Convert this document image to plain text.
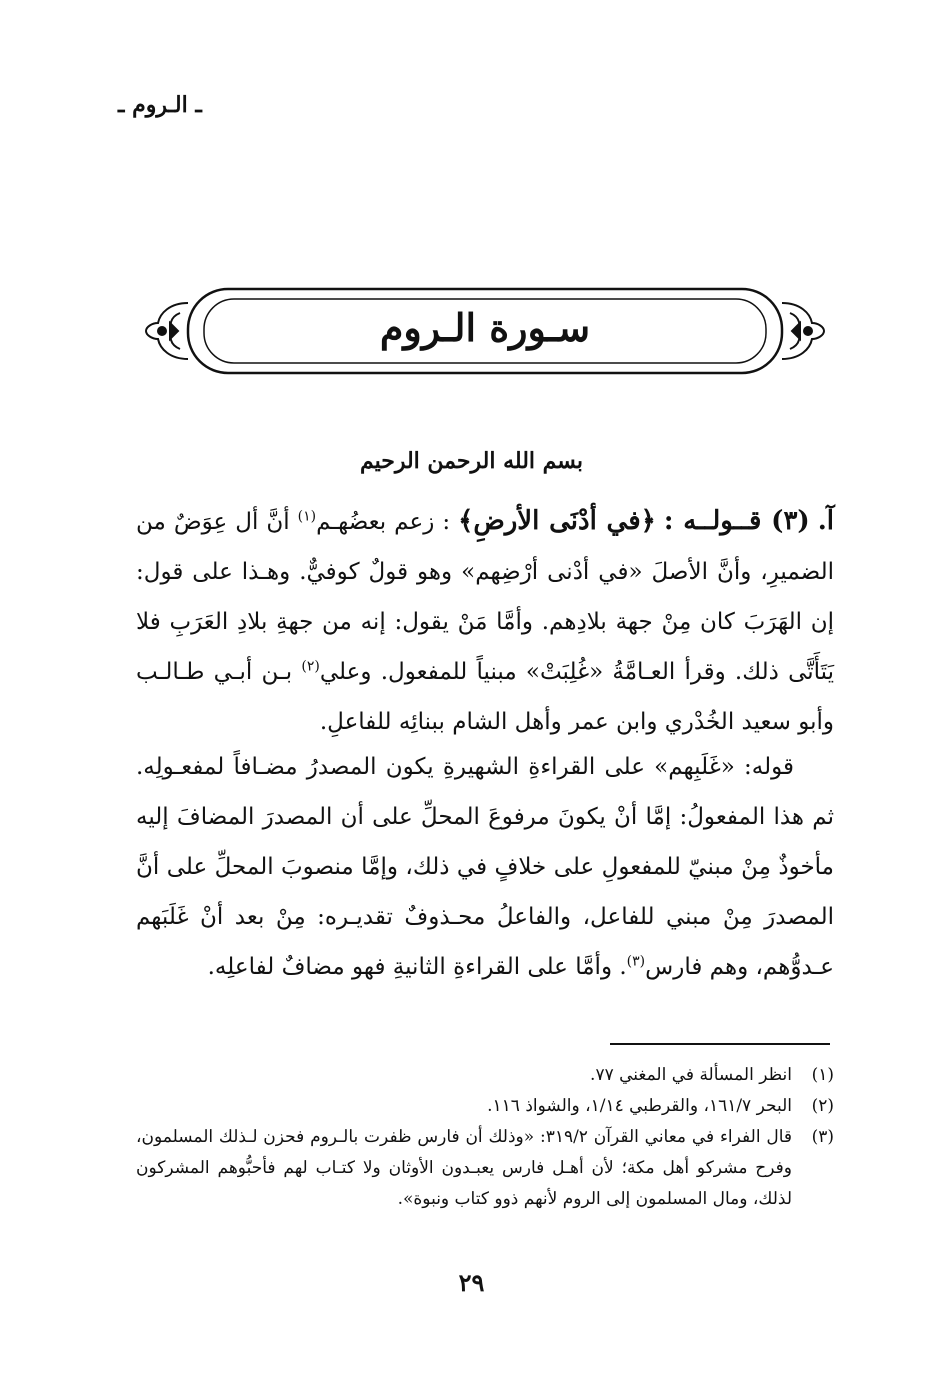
ـ الـروم ـ
سـورة الـروم
بسم الله الرحمن الرحيم

آ. (٣) قــولــه : ﴿في أدْنَى الأرضِ﴾ : زعم بعضُهـم$^{(١)}$ أنَّ أل عِوَضٌ من الضميرِ، وأنَّ الأصلَ «في أدْنى أرْضِهم» وهو قولٌ كوفيٌّ. وهـذا على قول: إن الهَرَبَ كان مِنْ جهة بلادِهم. وأمَّا مَنْ يقول: إنه من جهةِ بلادِ العَرَبِ فلا يَتَأَتَّى ذلك. وقرأ العـامَّةُ «غُلِبَتْ» مبنياً للمفعول. وعلي$^{(٢)}$ بـن أبـي طـالـب وأبو سعيد الخُدْري وابن عمر وأهل الشام ببنائِه للفاعلِ.

قوله: «غَلَبِهم» على القراءةِ الشهيرةِ يكون المصدرُ مضـافاً لمفعـولِه. ثم هذا المفعولُ: إمَّا أنْ يكونَ مرفوعَ المحلِّ على أن المصدرَ المضافَ إليه مأخوذٌ مِنْ مبنيّ للمفعولِ على خلافٍ في ذلك، وإمَّا منصوبَ المحلِّ على أنَّ المصدرَ مِنْ مبني للفاعل، والفاعلُ محـذوفٌ تقديـره: مِنْ بعد أنْ غَلَبَهم عـدوُّهم، وهم فارس$^{(٣)}$. وأمَّا على القراءةِ الثانيةِ فهو مضافٌ لفاعلِه.

(١)
انظر المسألة في المغني ٧٧.
(٢)
البحر ١٦١/٧، والقرطبي ١/١٤، والشواذ ١١٦.
(٣)
قال الفراء في معاني القرآن ٣١٩/٢: «وذلك أن فارس ظفرت بالـروم فحزن لـذلك المسلمون، وفرح مشركو أهل مكة؛ لأن أهـل فارس يعبـدون الأوثان ولا كتـاب لهم فأحبُّوهم المشركون لذلك، ومال المسلمون إلى الروم لأنهم ذوو كتاب ونبوة».
٢٩
